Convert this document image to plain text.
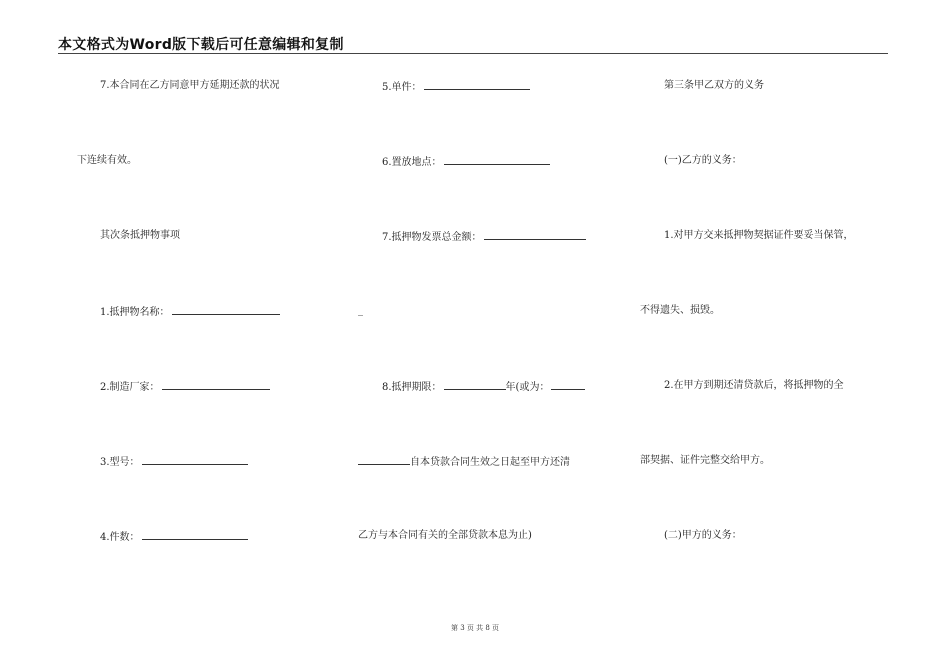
本文格式为Word版下载后可任意编辑和复制
7.本合同在乙方同意甲方延期还款的状况
下连续有效。
其次条抵押物事项
1.抵押物名称：
2.制造厂家：
3.型号：
4.件数：
5.单件：
6.置放地点：
7.抵押物发票总金额：
_
8.抵押期限：	年(或为：
自本贷款合同生效之日起至甲方还清
乙方与本合同有关的全部贷款本息为止)
第三条甲乙双方的义务
(一)乙方的义务：
1.对甲方交来抵押物契据证件要妥当保管，
不得遗失、损毁。
2.在甲方到期还清贷款后，将抵押物的全
部契据、证件完整交给甲方。
(二)甲方的义务：
第 3 页 共 8 页
